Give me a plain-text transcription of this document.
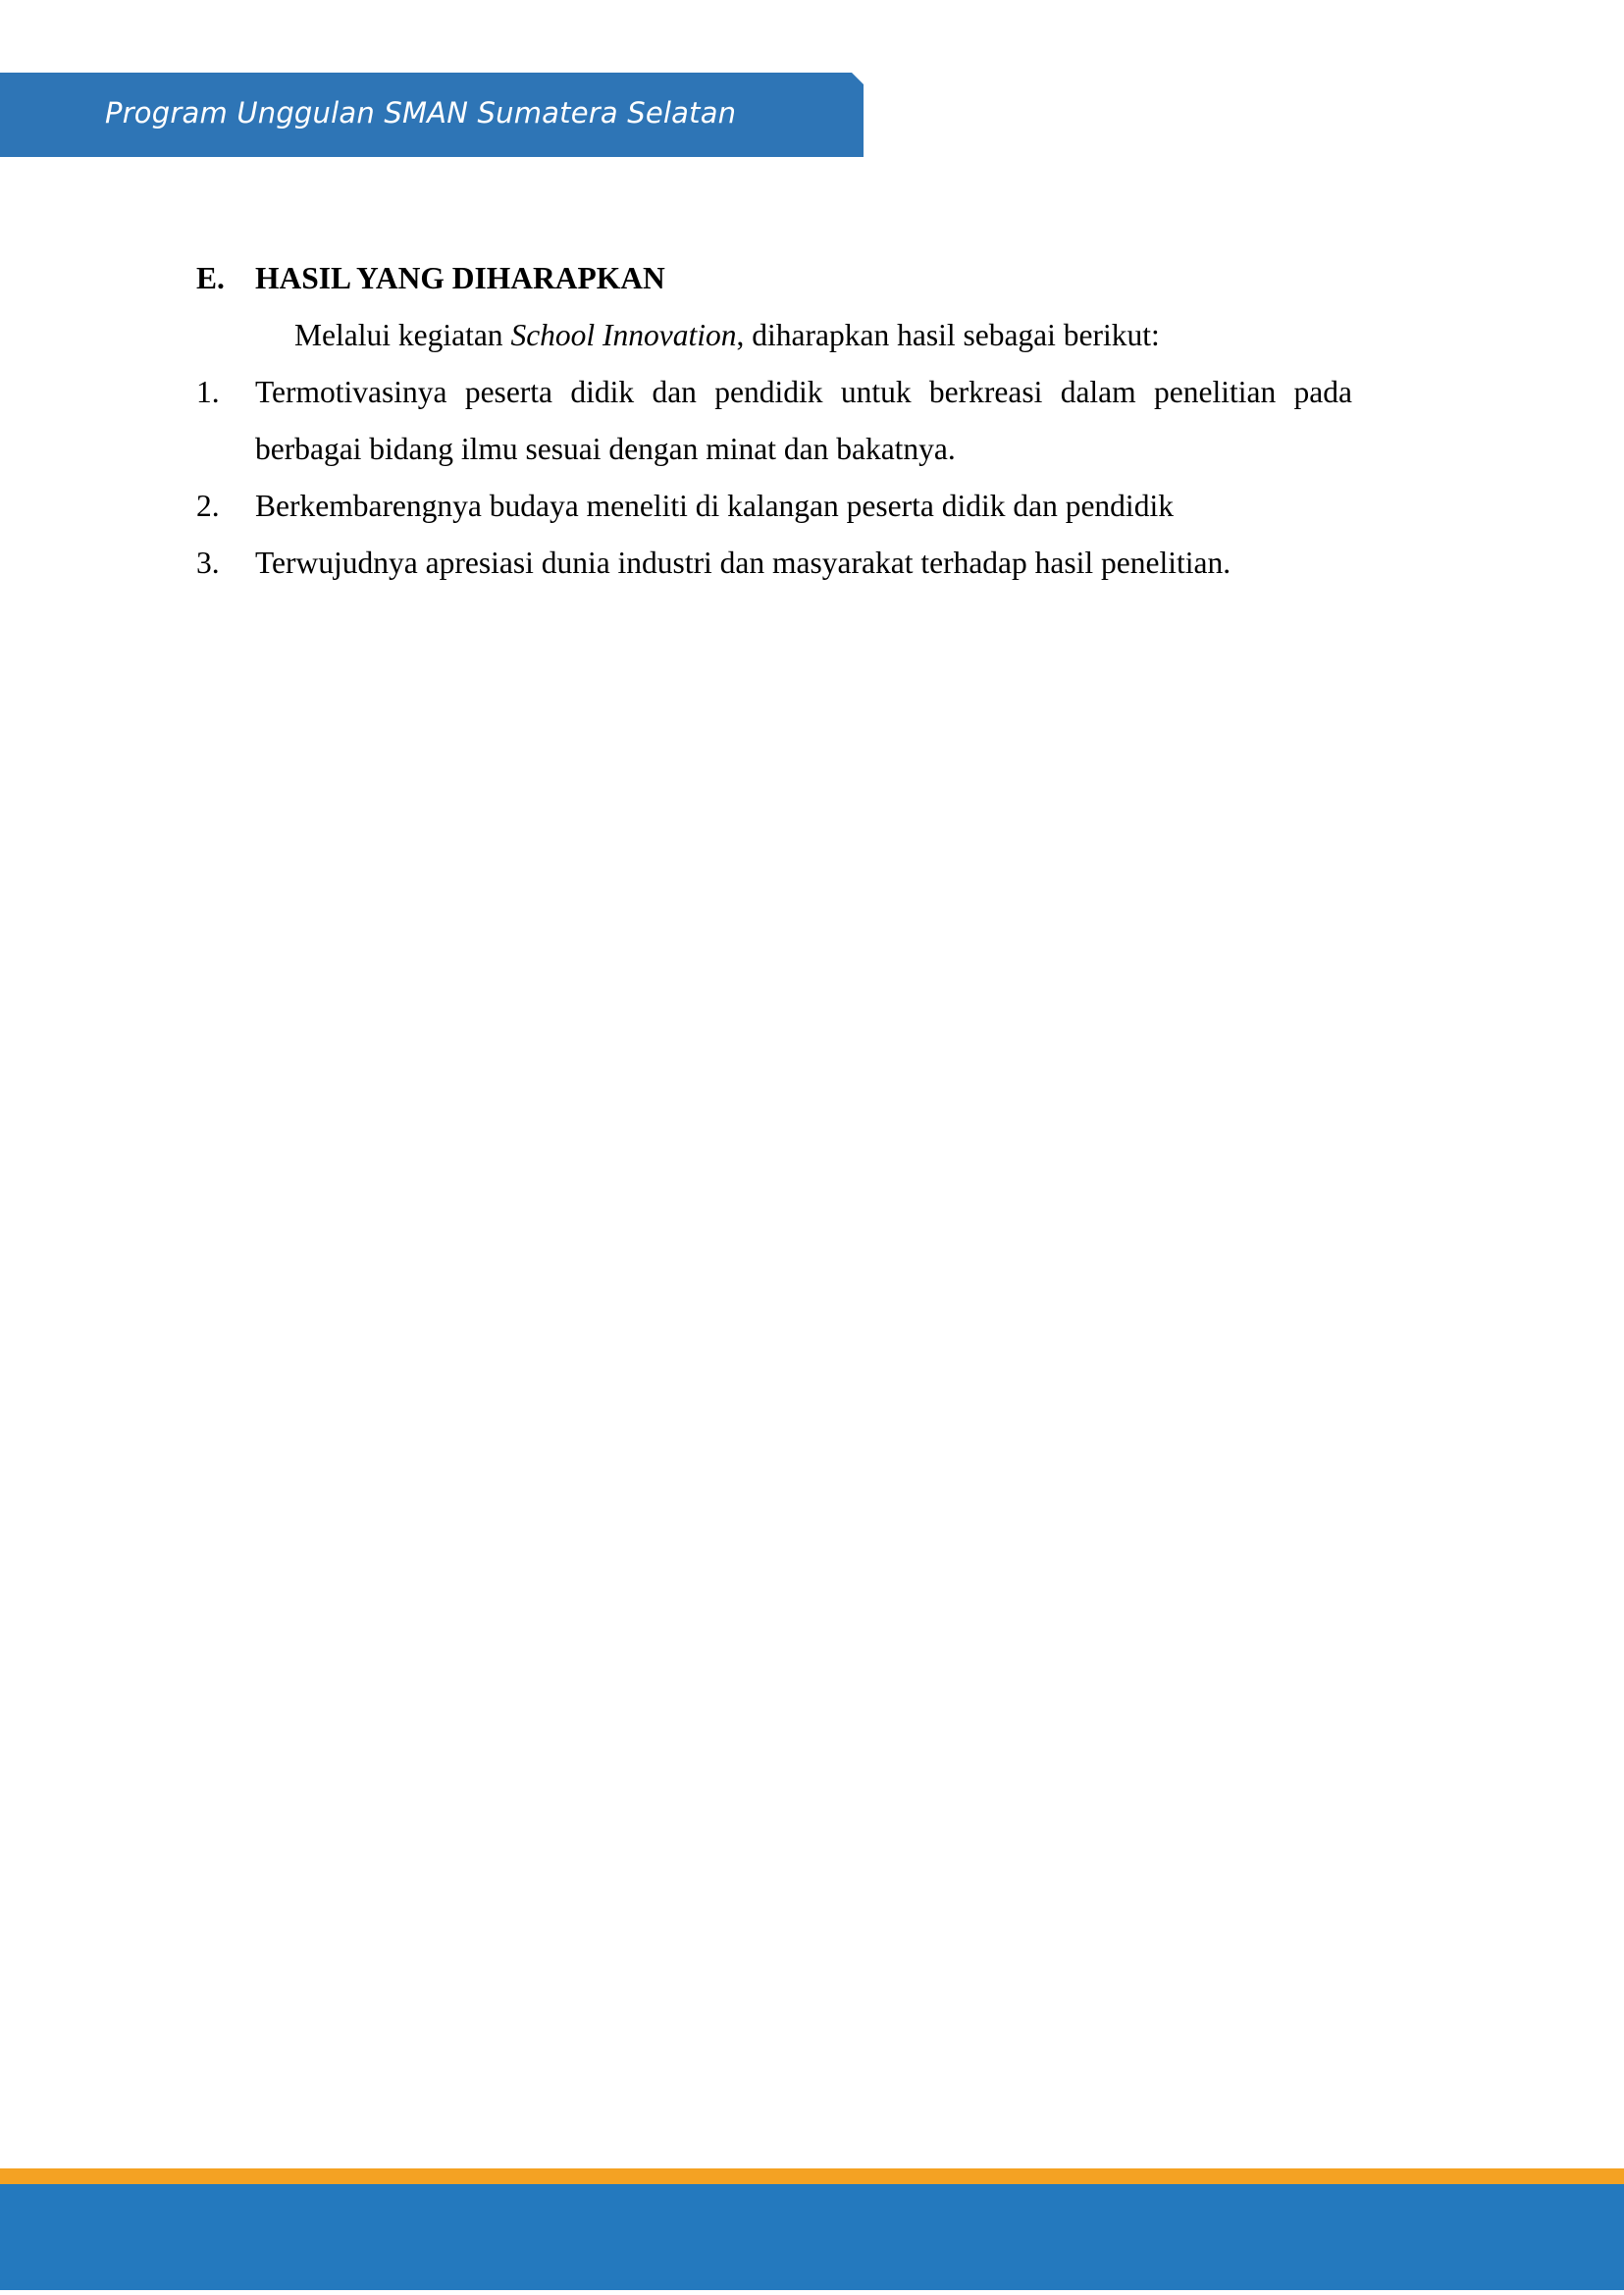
Program Unggulan SMAN Sumatera Selatan
E. HASIL YANG DIHARAPKAN
Melalui kegiatan School Innovation, diharapkan hasil sebagai berikut:
1.	Termotivasinya peserta didik dan pendidik untuk berkreasi dalam penelitian pada berbagai bidang ilmu sesuai dengan minat dan bakatnya.
2.	Berkembarengnya budaya meneliti di kalangan peserta didik dan pendidik
3.	Terwujudnya apresiasi dunia industri dan masyarakat terhadap hasil penelitian.
